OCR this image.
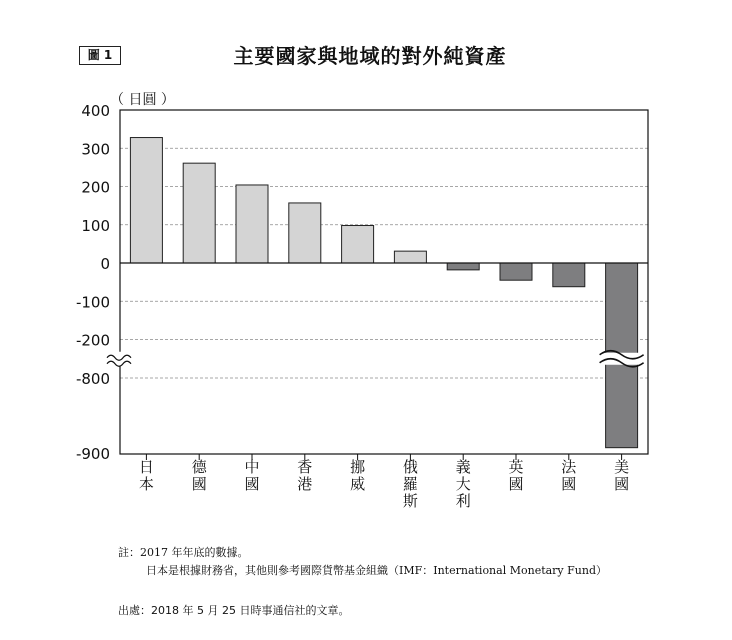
圖 1	主要國家與地域的對外純資產
（ 日圓 ）
400
300
200
100
0
-100
-200
-800
-900
日本
德國
中國
香港
挪威
俄羅斯
義大利
英國
法國
美國
註：2017 年年底的數據。
日本是根據財務省，其他則參考國際貨幣基金組織（IMF：International Monetary Fund）
出處：2018 年 5 月 25 日時事通信社的文章。
